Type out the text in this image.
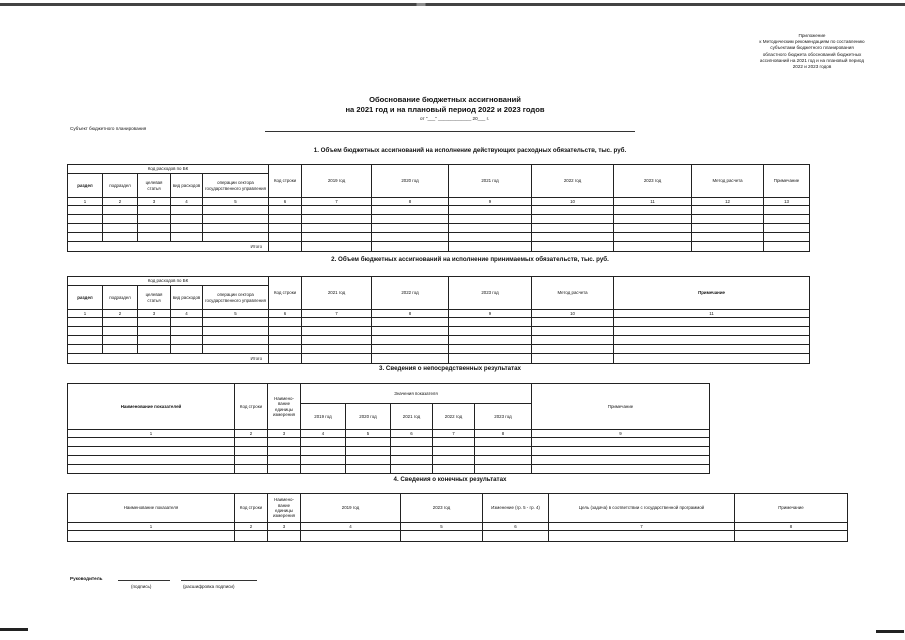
Приложение
к Методическим рекомендациям по составлению
субъектами бюджетного планирования
областного бюджета обоснований бюджетных
ассигнований на 2021 год и на плановый период
2022 и 2023 годов
Обоснование бюджетных ассигнований
на 2021 год и на плановый период 2022 и 2023 годов
от "___" _____________ 20___ г.
Субъект бюджетного планирования
1. Объем бюджетных ассигнований на исполнение действующих расходных обязательств, тыс. руб.
Код расходов по БК					Код строки	2019 год	2020 год	2021 год	2022 год	2023 год	Метод расчета	Примечание
раздел	подраздел	целевая статья	вид расходов	операции сектора государственного управления								
1	2	3	4	5	6	7	8	9	10	11	12	13

Итого												
2. Объем бюджетных ассигнований на исполнение принимаемых обязательств, тыс. руб.
Код расходов по БК					Код строки	2021 год	2022 год	2023 год	Метод расчета	Примечание
раздел	подраздел	целевая статья	вид расходов	операции сектора государственного управления						
1	2	3	4	5	6	7	8	9	10	11

Итого										
3. Сведения о непосредственных результатах
Наименование показателей	Код строки	Наимено-вание единицы измерения	Значения показателя					Примечание
			2019 год	2020 год	2021 год	2022 год	2023 год	
1	2	3	4	5	6	7	8	9

4. Сведения о конечных результатах
Наименование показателя	Код строки	Наимено-вание единицы измерения	2019 год	2023 год	Изменение (гр. 5 - гр. 4)	Цель (задача) в соответствии с государственной программой	Примечание
1	2	3	4	5	6	7	8

Руководитель
(подпись)	(расшифровка подписи)
